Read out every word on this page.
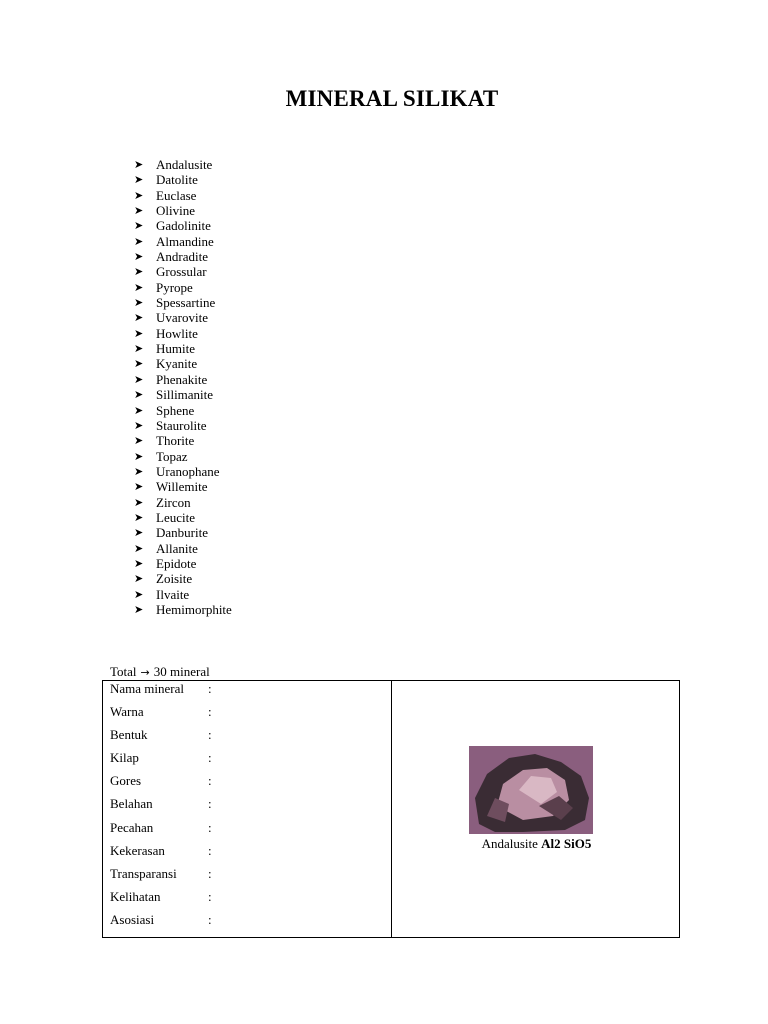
MINERAL SILIKAT
➤ Andalusite
➤ Datolite
➤ Euclase
➤ Olivine
➤ Gadolinite
➤ Almandine
➤ Andradite
➤ Grossular
➤ Pyrope
➤ Spessartine
➤ Uvarovite
➤ Howlite
➤ Humite
➤ Kyanite
➤ Phenakite
➤ Sillimanite
➤ Sphene
➤ Staurolite
➤ Thorite
➤ Topaz
➤ Uranophane
➤ Willemite
➤ Zircon
➤ Leucite
➤ Danburite
➤ Allanite
➤ Epidote
➤ Zoisite
➤ Ilvaite
➤ Hemimorphite
Total → 30 mineral
Andalusite Al2 SiO5
Nama mineral :
Warna	:
Bentuk	:
Kilap	:
Gores	:
Belahan	:
Pecahan	:
Kekerasan	:
Transparansi :
Kelihatan	:
Asosiasi	:
